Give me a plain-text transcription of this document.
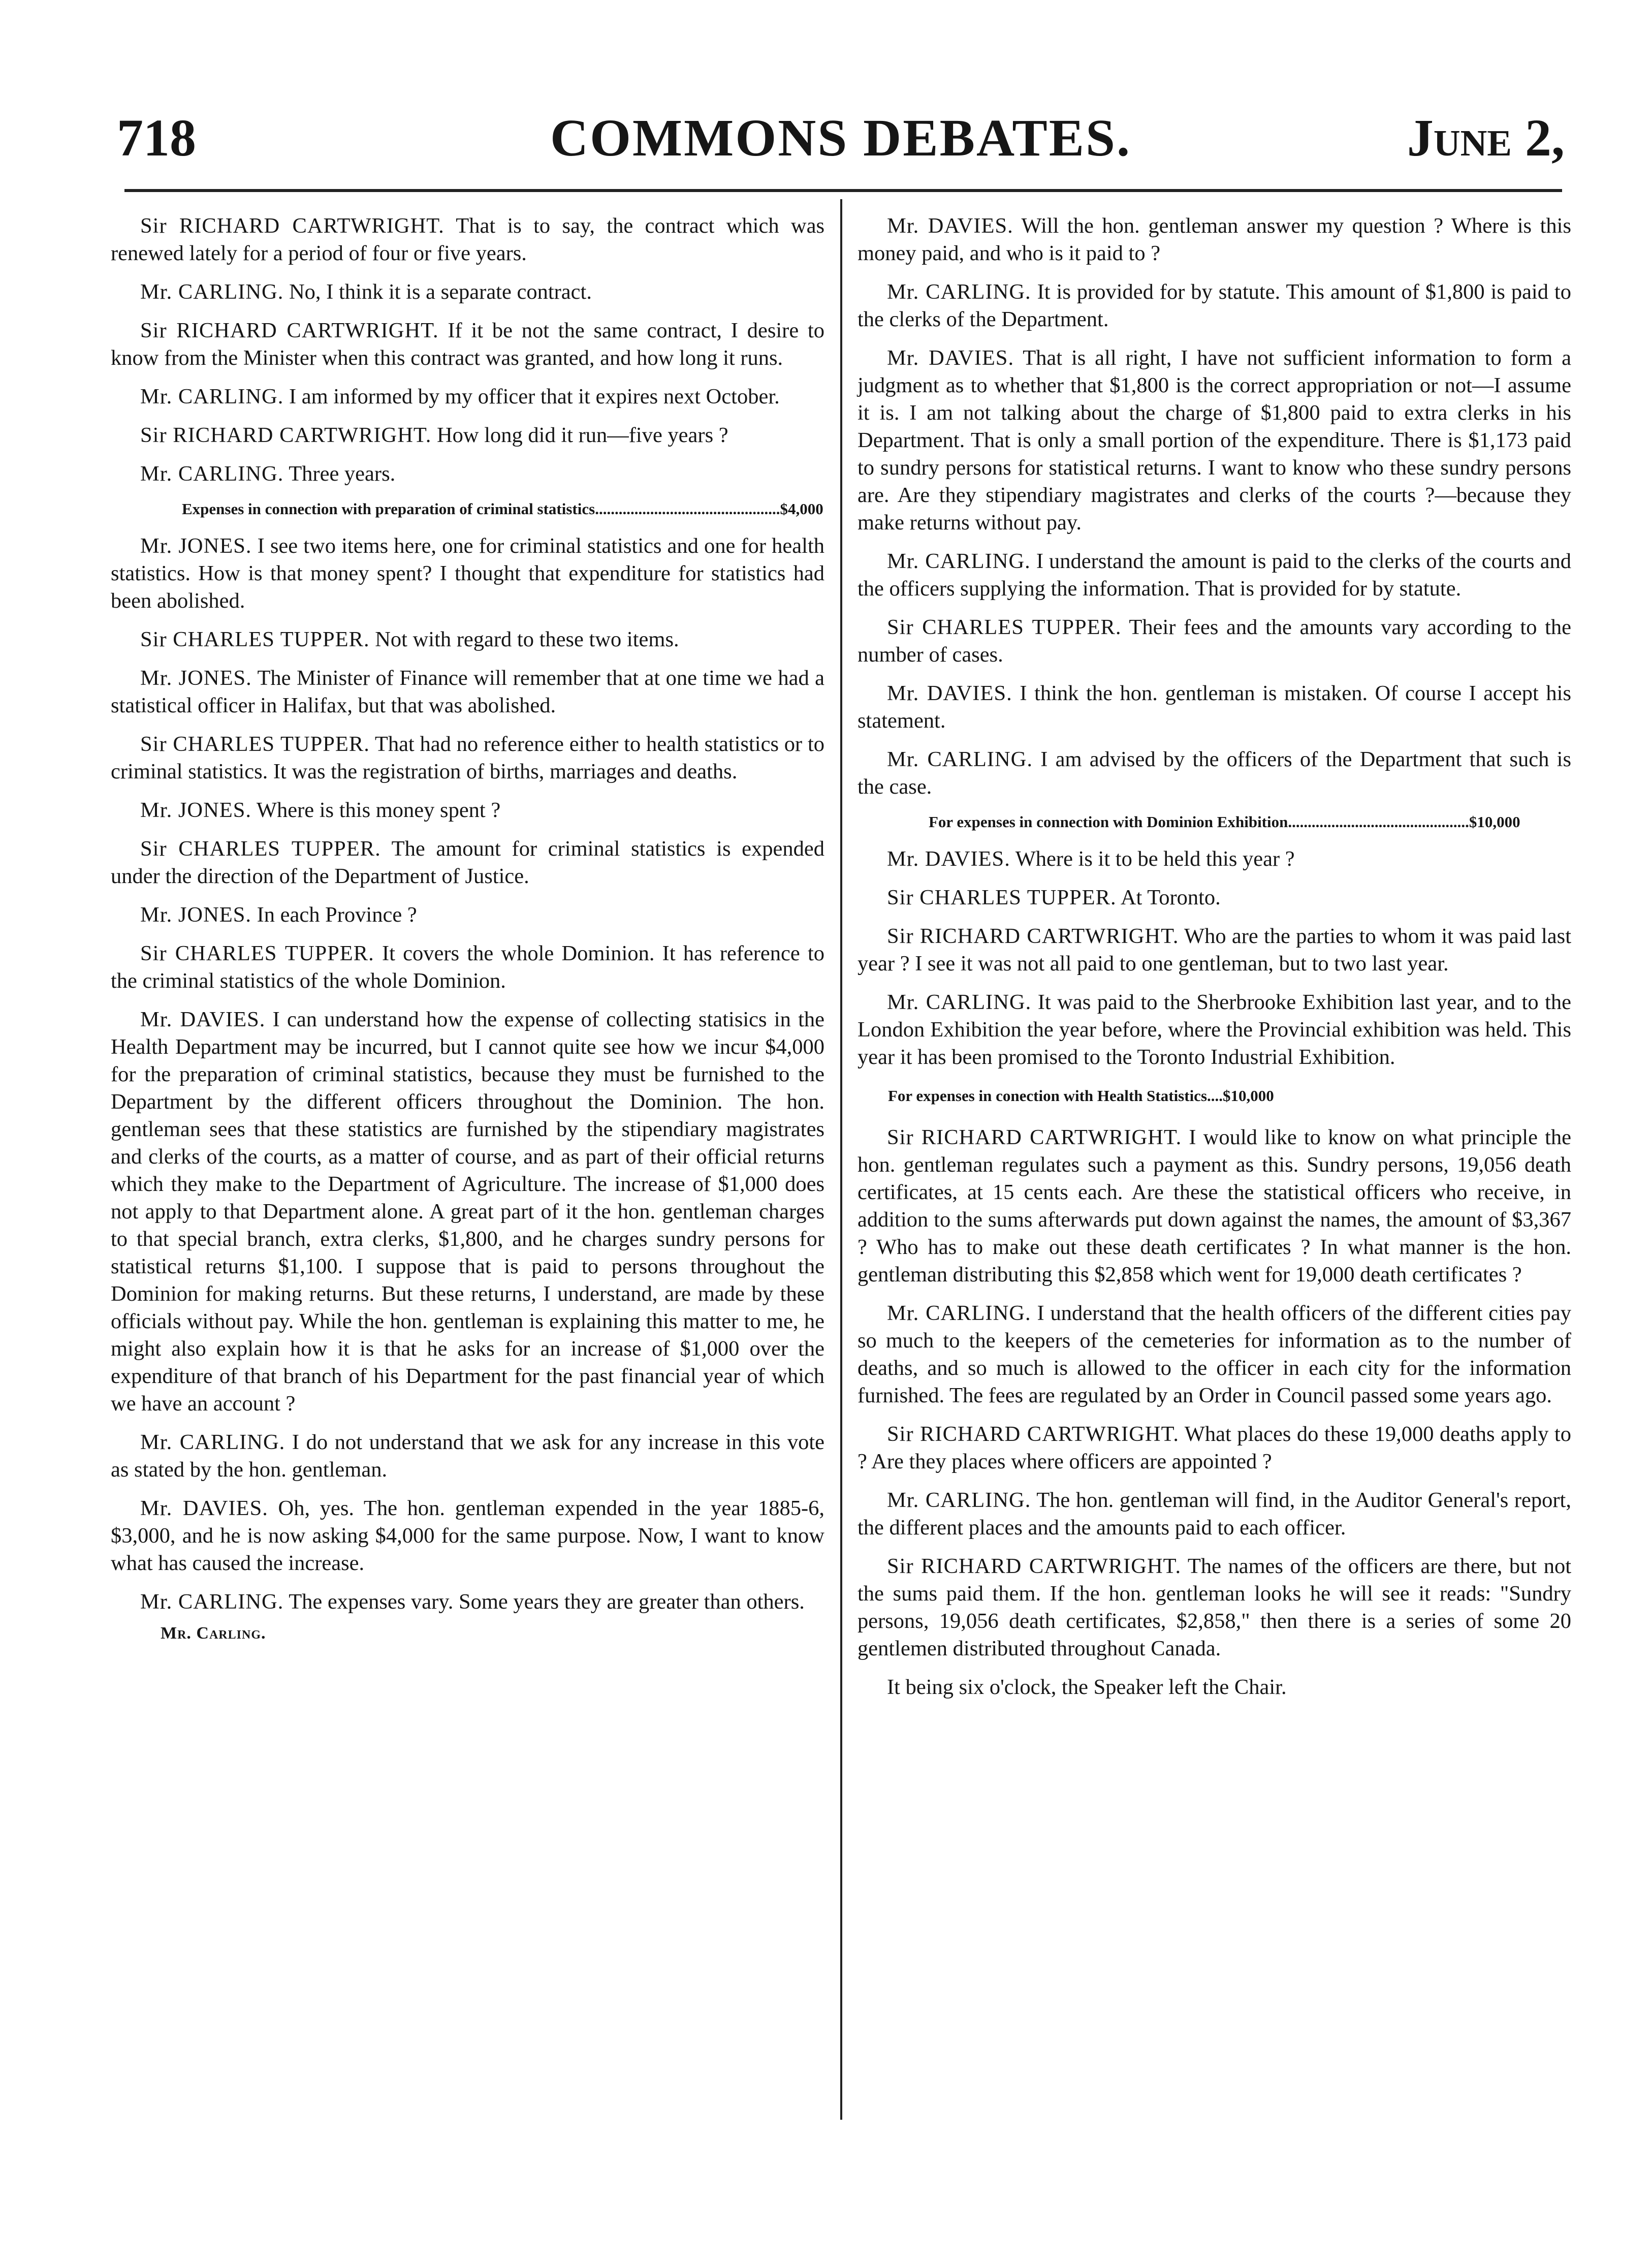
718	COMMONS DEBATES.	June 2,

Sir RICHARD CARTWRIGHT. That is to say, the contract which was renewed lately for a period of four or five years.

Mr. CARLING. No, I think it is a separate contract.

Sir RICHARD CARTWRIGHT. If it be not the same contract, I desire to know from the Minister when this contract was granted, and how long it runs.

Mr. CARLING. I am informed by my officer that it expires next October.

Sir RICHARD CARTWRIGHT. How long did it run—five years ?

Mr. CARLING. Three years.

Expenses in connection with preparation of criminal statistics...............................................$4,000

Mr. JONES. I see two items here, one for criminal statistics and one for health statistics. How is that money spent? I thought that expenditure for statistics had been abolished.

Sir CHARLES TUPPER. Not with regard to these two items.

Mr. JONES. The Minister of Finance will remember that at one time we had a statistical officer in Halifax, but that was abolished.

Sir CHARLES TUPPER. That had no reference either to health statistics or to criminal statistics. It was the registration of births, marriages and deaths.

Mr. JONES. Where is this money spent ?

Sir CHARLES TUPPER. The amount for criminal statistics is expended under the direction of the Department of Justice.

Mr. JONES. In each Province ?

Sir CHARLES TUPPER. It covers the whole Dominion. It has reference to the criminal statistics of the whole Dominion.

Mr. DAVIES. I can understand how the expense of collecting statisics in the Health Department may be incurred, but I cannot quite see how we incur $4,000 for the preparation of criminal statistics, because they must be furnished to the Department by the different officers throughout the Dominion. The hon. gentleman sees that these statistics are furnished by the stipendiary magistrates and clerks of the courts, as a matter of course, and as part of their official returns which they make to the Department of Agriculture. The increase of $1,000 does not apply to that Department alone. A great part of it the hon. gentleman charges to that special branch, extra clerks, $1,800, and he charges sundry persons for statistical returns $1,100. I suppose that is paid to persons throughout the Dominion for making returns. But these returns, I understand, are made by these officials without pay. While the hon. gentleman is explaining this matter to me, he might also explain how it is that he asks for an increase of $1,000 over the expenditure of that branch of his Department for the past financial year of which we have an account ?

Mr. CARLING. I do not understand that we ask for any increase in this vote as stated by the hon. gentleman.

Mr. DAVIES. Oh, yes. The hon. gentleman expended in the year 1885-6, $3,000, and he is now asking $4,000 for the same purpose. Now, I want to know what has caused the increase.

Mr. CARLING. The expenses vary. Some years they are greater than others.

Mr. Carling.

Mr. DAVIES. Will the hon. gentleman answer my question ? Where is this money paid, and who is it paid to ?

Mr. CARLING. It is provided for by statute. This amount of $1,800 is paid to the clerks of the Department.

Mr. DAVIES. That is all right, I have not sufficient information to form a judgment as to whether that $1,800 is the correct appropriation or not—I assume it is. I am not talking about the charge of $1,800 paid to extra clerks in his Department. That is only a small portion of the expenditure. There is $1,173 paid to sundry persons for statistical returns. I want to know who these sundry persons are. Are they stipendiary magistrates and clerks of the courts ?—because they make returns without pay.

Mr. CARLING. I understand the amount is paid to the clerks of the courts and the officers supplying the information. That is provided for by statute.

Sir CHARLES TUPPER. Their fees and the amounts vary according to the number of cases.

Mr. DAVIES. I think the hon. gentleman is mistaken. Of course I accept his statement.

Mr. CARLING. I am advised by the officers of the Department that such is the case.

For expenses in connection with Dominion Exhibition..............................................$10,000

Mr. DAVIES. Where is it to be held this year ?

Sir CHARLES TUPPER. At Toronto.

Sir RICHARD CARTWRIGHT. Who are the parties to whom it was paid last year ? I see it was not all paid to one gentleman, but to two last year.

Mr. CARLING. It was paid to the Sherbrooke Exhibition last year, and to the London Exhibition the year before, where the Provincial exhibition was held. This year it has been promised to the Toronto Industrial Exhibition.

For expenses in conection with Health Statistics....$10,000

Sir RICHARD CARTWRIGHT. I would like to know on what principle the hon. gentleman regulates such a payment as this. Sundry persons, 19,056 death certificates, at 15 cents each. Are these the statistical officers who receive, in addition to the sums afterwards put down against the names, the amount of $3,367 ? Who has to make out these death certificates ? In what manner is the hon. gentleman distributing this $2,858 which went for 19,000 death certificates ?

Mr. CARLING. I understand that the health officers of the different cities pay so much to the keepers of the cemeteries for information as to the number of deaths, and so much is allowed to the officer in each city for the information furnished. The fees are regulated by an Order in Council passed some years ago.

Sir RICHARD CARTWRIGHT. What places do these 19,000 deaths apply to ? Are they places where officers are appointed ?

Mr. CARLING. The hon. gentleman will find, in the Auditor General's report, the different places and the amounts paid to each officer.

Sir RICHARD CARTWRIGHT. The names of the officers are there, but not the sums paid them. If the hon. gentleman looks he will see it reads: "Sundry persons, 19,056 death certificates, $2,858," then there is a series of some 20 gentlemen distributed throughout Canada.

It being six o'clock, the Speaker left the Chair.
